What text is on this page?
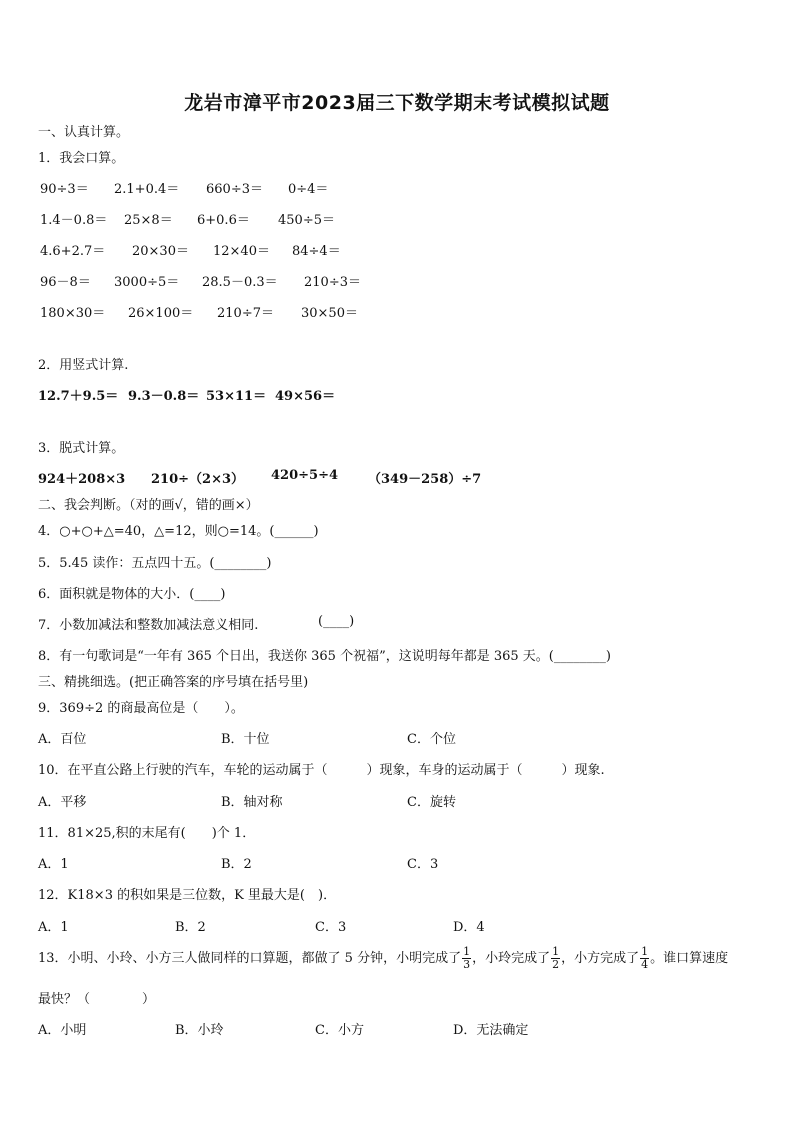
龙岩市漳平市2023届三下数学期末考试模拟试题
一、认真计算。
1．我会口算。
90÷3＝ 2.1+0.4＝ 660÷3＝ 0÷4＝
1.4－0.8＝ 25×8＝ 6+0.6＝ 450÷5＝
4.6+2.7＝ 20×30＝ 12×40＝ 84÷4＝
96－8＝ 3000÷5＝ 28.5－0.3＝ 210÷3＝
180×30＝ 26×100＝ 210÷7＝ 30×50＝
2．用竖式计算.
12.7＋9.5＝ 9.3－0.8＝ 53×11＝ 49×56＝
3．脱式计算。
924＋208×3 210÷（2×3） 420÷5÷4 （349－258）÷7
二、我会判断。（对的画√，错的画×）
4．○+○+△=40，△=12，则○=14。(______)
5．5.45 读作：五点四十五。(________)
6．面积就是物体的大小．(____)
7．小数加减法和整数加减法意义相同.	(____)
8．有一句歌词是“一年有 365 个日出，我送你 365 个祝福”，这说明每年都是 365 天。(________)
三、精挑细选。(把正确答案的序号填在括号里)
9．369÷2 的商最高位是（　　）。
A．百位	B．十位	C．个位
10．在平直公路上行驶的汽车，车轮的运动属于（　　　）现象，车身的运动属于（　　　）现象.
A．平移	B．轴对称	C．旋转
11．81×25,积的末尾有(　　)个 1．
A．1	B．2	C．3
12．K18×3 的积如果是三位数，K 里最大是(　)．
A．1	B．2	C．3	D．4
13．小明、小玲、小方三人做同样的口算题，都做了 5 分钟，小明完成了 $\frac{1}{3}$ ，小玲完成了 $\frac{1}{2}$ ，小方完成了 $\frac{1}{4}$ 。谁口算速度
最快？（　　　　）
A．小明	B．小玲	C．小方	D．无法确定
